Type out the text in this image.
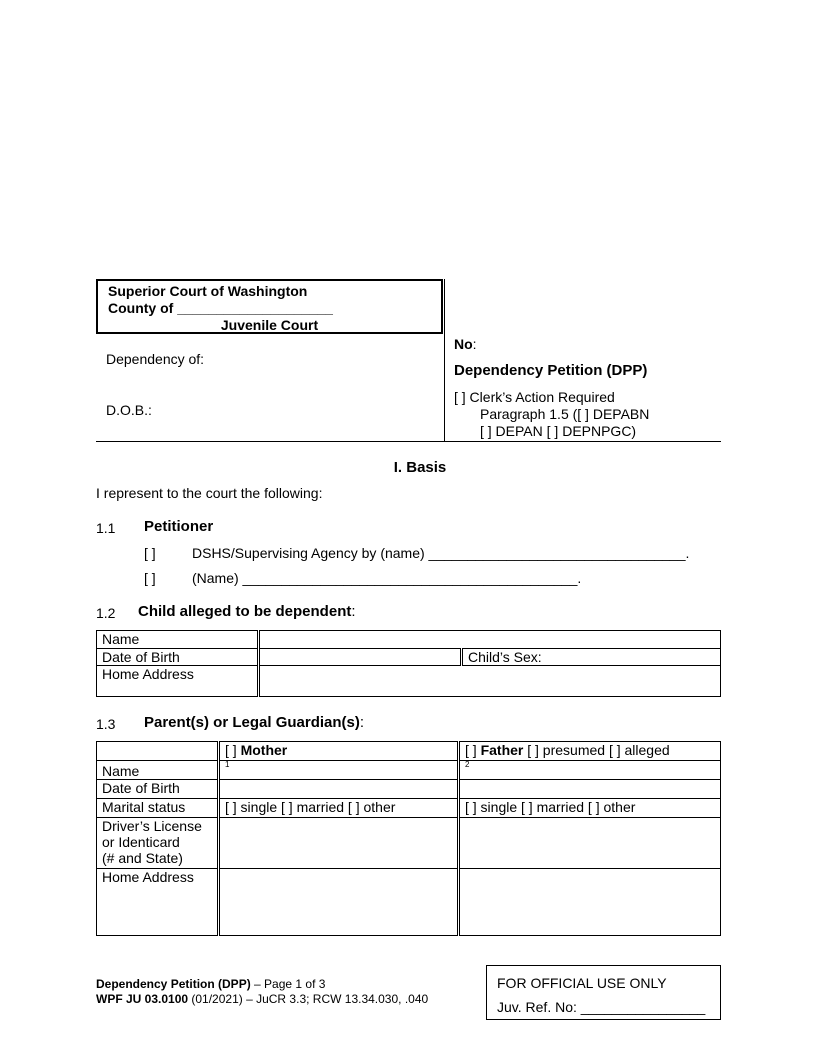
Superior Court of Washington
County of ____________________
Juvenile Court
Dependency of:
D.O.B.:
No:
Dependency Petition (DPP)
[ ] Clerk’s Action Required
Paragraph 1.5 ([ ] DEPABN
[ ] DEPAN [ ] DEPNPGC)
I. Basis
I represent to the court the following:
1.1 Petitioner
[ ]	DSHS/Supervising Agency by (name) _________________________________.
[ ]	(Name) ___________________________________________.
1.2 Child alleged to be dependent:
Name		
Date of Birth		Child’s Sex:
Home Address		
1.3 Parent(s) or Legal Guardian(s):
	[ ] Mother	[ ] Father [ ] presumed [ ] alleged
Name	$^1$	$^2$
Date of Birth		
Marital status	[ ] single [ ] married [ ] other	[ ] single [ ] married [ ] other

Driver’s License
or Identicard
(# and State)		

Home Address		
Dependency Petition (DPP) – Page 1 of 3
WPF JU 03.0100 (01/2021) – JuCR 3.3; RCW 13.34.030, .040
FOR OFFICIAL USE ONLY
Juv. Ref. No: ________________
